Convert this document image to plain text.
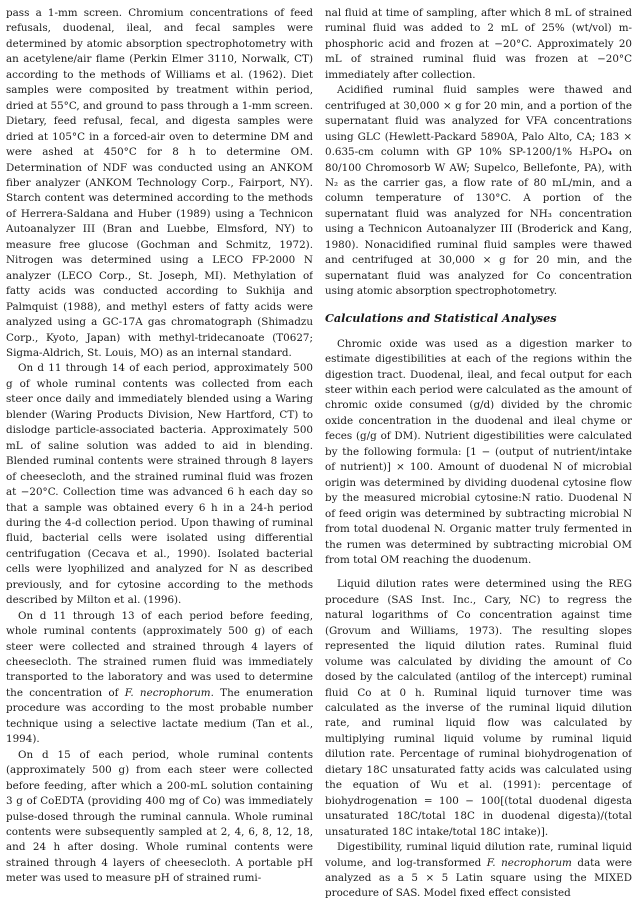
pass a 1-mm screen. Chromium concentrations of feed refusals, duodenal, ileal, and fecal samples were determined by atomic absorption spectrophotometry with an acetylene/air flame (Perkin Elmer 3110, Norwalk, CT) according to the methods of Williams et al. (1962). Diet samples were composited by treatment within period, dried at 55°C, and ground to pass through a 1-mm screen. Dietary, feed refusal, fecal, and digesta samples were dried at 105°C in a forced-air oven to determine DM and were ashed at 450°C for 8 h to determine OM. Determination of NDF was conducted using an ANKOM fiber analyzer (ANKOM Technology Corp., Fairport, NY). Starch content was determined according to the methods of Herrera-Saldana and Huber (1989) using a Technicon Autoanalyzer III (Bran and Luebbe, Elmsford, NY) to measure free glucose (Gochman and Schmitz, 1972). Nitrogen was determined using a LECO FP-2000 N analyzer (LECO Corp., St. Joseph, MI). Methylation of fatty acids was conducted according to Sukhija and Palmquist (1988), and methyl esters of fatty acids were analyzed using a GC-17A gas chromatograph (Shimadzu Corp., Kyoto, Japan) with methyl-tridecanoate (T0627; Sigma-Aldrich, St. Louis, MO) as an internal standard.

On d 11 through 14 of each period, approximately 500 g of whole ruminal contents was collected from each steer once daily and immediately blended using a Waring blender (Waring Products Division, New Hartford, CT) to dislodge particle-associated bacteria. Approximately 500 mL of saline solution was added to aid in blending. Blended ruminal contents were strained through 8 layers of cheesecloth, and the strained ruminal fluid was frozen at −20°C. Collection time was advanced 6 h each day so that a sample was obtained every 6 h in a 24-h period during the 4-d collection period. Upon thawing of ruminal fluid, bacterial cells were isolated using differential centrifugation (Cecava et al., 1990). Isolated bacterial cells were lyophilized and analyzed for N as described previously, and for cytosine according to the methods described by Milton et al. (1996).

On d 11 through 13 of each period before feeding, whole ruminal contents (approximately 500 g) of each steer were collected and strained through 4 layers of cheesecloth. The strained rumen fluid was immediately transported to the laboratory and was used to determine the concentration of F. necrophorum. The enumeration procedure was according to the most probable number technique using a selective lactate medium (Tan et al., 1994).

On d 15 of each period, whole ruminal contents (approximately 500 g) from each steer were collected before feeding, after which a 200-mL solution containing 3 g of CoEDTA (providing 400 mg of Co) was immediately pulse-dosed through the ruminal cannula. Whole ruminal contents were subsequently sampled at 2, 4, 6, 8, 12, 18, and 24 h after dosing. Whole ruminal contents were strained through 4 layers of cheesecloth. A portable pH meter was used to measure pH of strained rumi-

nal fluid at time of sampling, after which 8 mL of strained ruminal fluid was added to 2 mL of 25% (wt/vol) m-phosphoric acid and frozen at −20°C. Approximately 20 mL of strained ruminal fluid was frozen at −20°C immediately after collection.

Acidified ruminal fluid samples were thawed and centrifuged at 30,000 × g for 20 min, and a portion of the supernatant fluid was analyzed for VFA concentrations using GLC (Hewlett-Packard 5890A, Palo Alto, CA; 183 × 0.635-cm column with GP 10% SP-1200/1% H₃PO₄ on 80/100 Chromosorb W AW; Supelco, Bellefonte, PA), with N₂ as the carrier gas, a flow rate of 80 mL/min, and a column temperature of 130°C. A portion of the supernatant fluid was analyzed for NH₃ concentration using a Technicon Autoanalyzer III (Broderick and Kang, 1980). Nonacidified ruminal fluid samples were thawed and centrifuged at 30,000 × g for 20 min, and the supernatant fluid was analyzed for Co concentration using atomic absorption spectrophotometry.

Calculations and Statistical Analyses

Chromic oxide was used as a digestion marker to estimate digestibilities at each of the regions within the digestion tract. Duodenal, ileal, and fecal output for each steer within each period were calculated as the amount of chromic oxide consumed (g/d) divided by the chromic oxide concentration in the duodenal and ileal chyme or feces (g/g of DM). Nutrient digestibilities were calculated by the following formula: [1 − (output of nutrient/intake of nutrient)] × 100. Amount of duodenal N of microbial origin was determined by dividing duodenal cytosine flow by the measured microbial cytosine:N ratio. Duodenal N of feed origin was determined by subtracting microbial N from total duodenal N. Organic matter truly fermented in the rumen was determined by subtracting microbial OM from total OM reaching the duodenum.

Liquid dilution rates were determined using the REG procedure (SAS Inst. Inc., Cary, NC) to regress the natural logarithms of Co concentration against time (Grovum and Williams, 1973). The resulting slopes represented the liquid dilution rates. Ruminal fluid volume was calculated by dividing the amount of Co dosed by the calculated (antilog of the intercept) ruminal fluid Co at 0 h. Ruminal liquid turnover time was calculated as the inverse of the ruminal liquid dilution rate, and ruminal liquid flow was calculated by multiplying ruminal liquid volume by ruminal liquid dilution rate. Percentage of ruminal biohydrogenation of dietary 18C unsaturated fatty acids was calculated using the equation of Wu et al. (1991): percentage of biohydrogenation = 100 − 100[(total duodenal digesta unsaturated 18C/total 18C in duodenal digesta)/(total unsaturated 18C intake/total 18C intake)].

Digestibility, ruminal liquid dilution rate, ruminal liquid volume, and log-transformed F. necrophorum data were analyzed as a 5 × 5 Latin square using the MIXED procedure of SAS. Model fixed effect consisted
